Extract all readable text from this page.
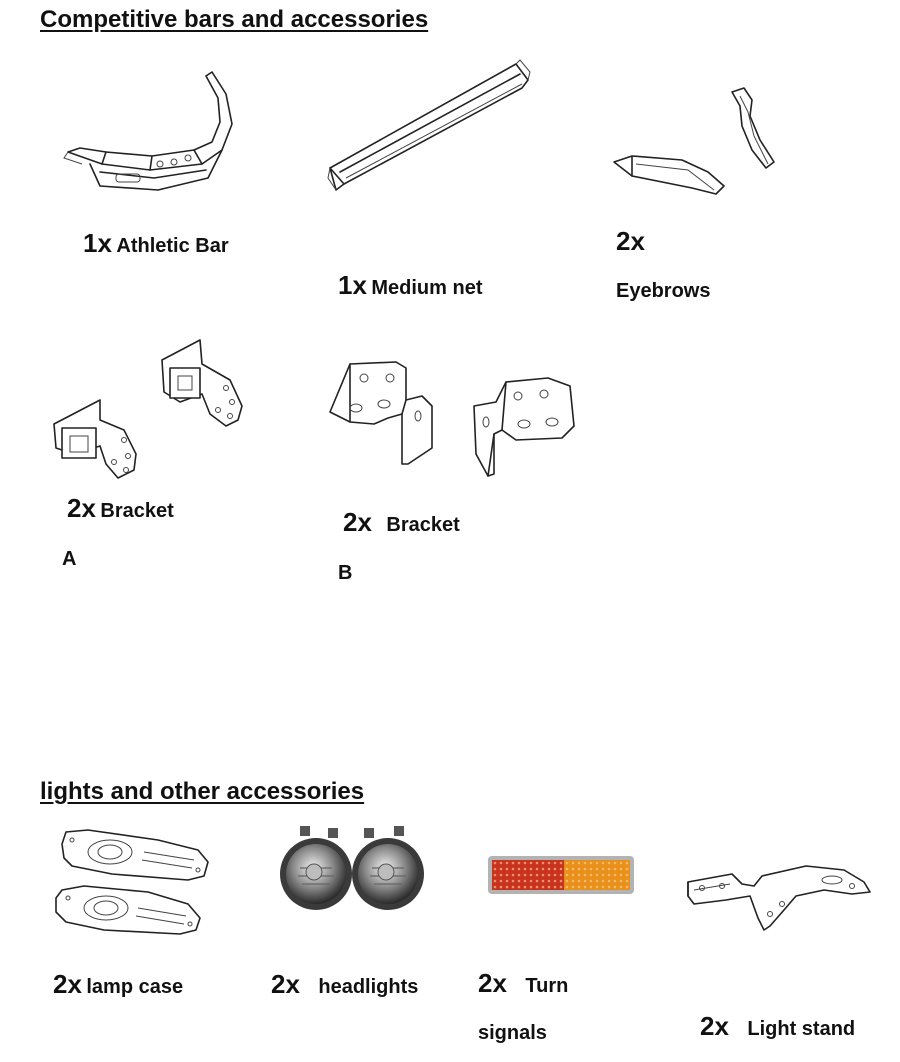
Competitive bars and accessories
lights and other accessories
1x Athletic Bar
1x Medium net
2x
Eyebrows
2x Bracket
A
2x Bracket
B
2x lamp case	2x headlights 2x Turn
signals	2x Light stand
